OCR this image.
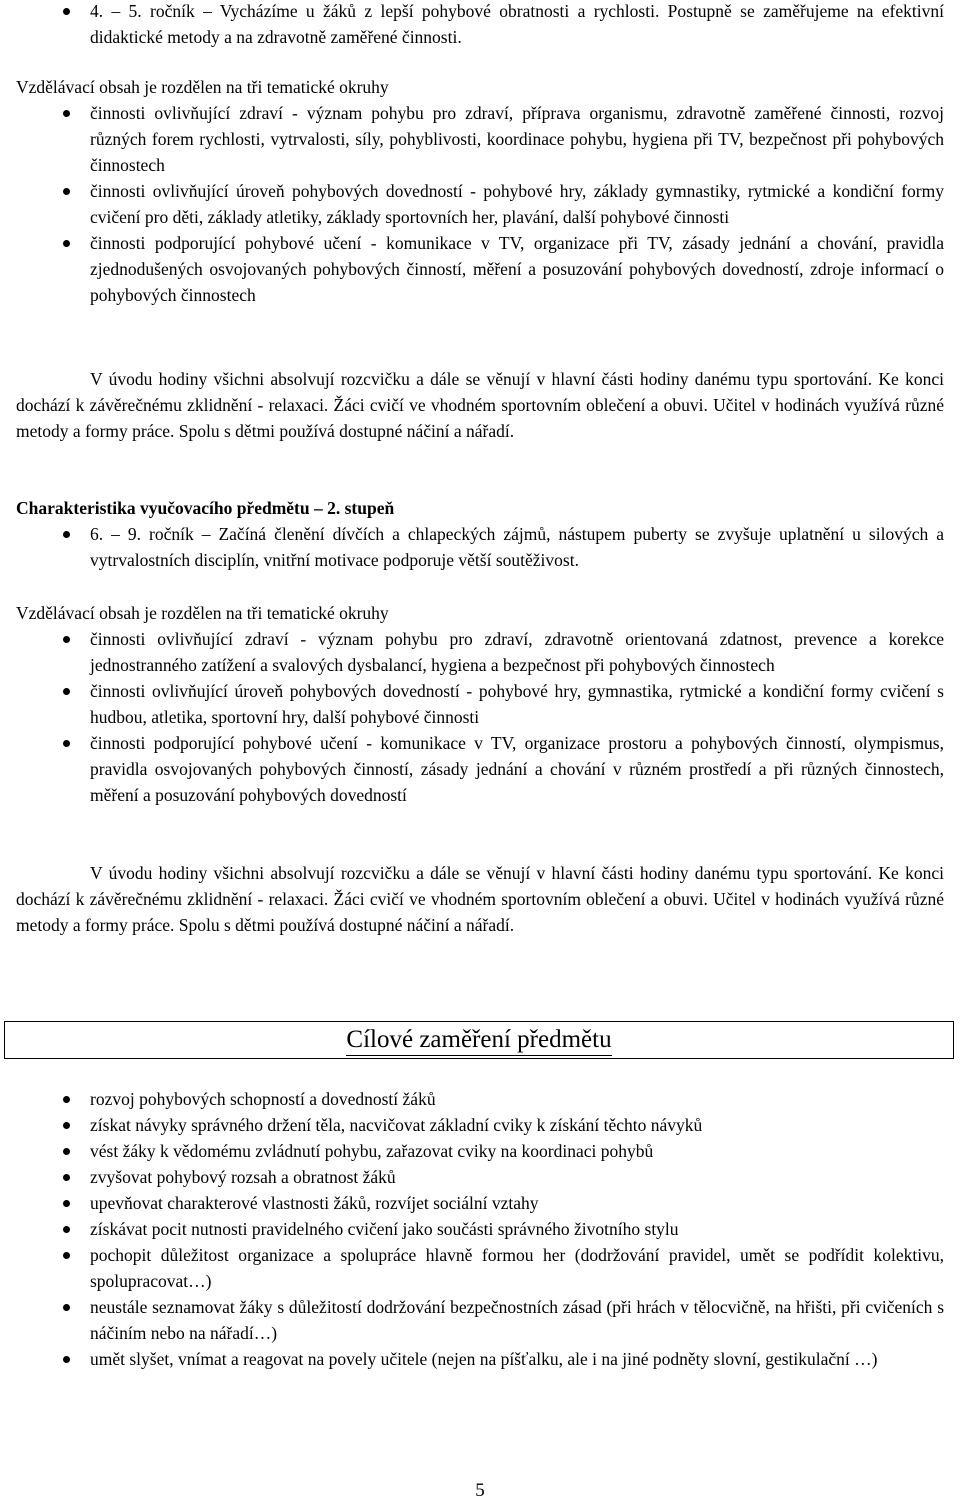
4. – 5. ročník – Vycházíme u žáků z lepší pohybové obratnosti a rychlosti. Postupně se zaměřujeme na efektivní didaktické metody a na zdravotně zaměřené činnosti.

Vzdělávací obsah je rozdělen na tři tematické okruhy

činnosti ovlivňující zdraví - význam pohybu pro zdraví, příprava organismu, zdravotně zaměřené činnosti, rozvoj různých forem rychlosti, vytrvalosti, síly, pohyblivosti, koordinace pohybu, hygiena při TV, bezpečnost při pohybových činnostech
činnosti ovlivňující úroveň pohybových dovedností - pohybové hry, základy gymnastiky, rytmické a kondiční formy cvičení pro děti, základy atletiky, základy sportovních her, plavání, další pohybové činnosti
činnosti podporující pohybové učení - komunikace v TV, organizace při TV, zásady jednání a chování, pravidla zjednodušených osvojovaných pohybových činností, měření a posuzování pohybových dovedností, zdroje informací o pohybových činnostech

V úvodu hodiny všichni absolvují rozcvičku a dále se věnují v hlavní části hodiny danému typu sportování. Ke konci dochází k závěrečnému zklidnění - relaxaci. Žáci cvičí ve vhodném sportovním oblečení a obuvi. Učitel v hodinách využívá různé metody a formy práce. Spolu s dětmi používá dostupné náčiní a nářadí.

Charakteristika vyučovacího předmětu – 2. stupeň

6. – 9. ročník – Začíná členění dívčích a chlapeckých zájmů, nástupem puberty se zvyšuje uplatnění u silových a vytrvalostních disciplín, vnitřní motivace podporuje větší soutěživost.

Vzdělávací obsah je rozdělen na tři tematické okruhy

činnosti ovlivňující zdraví - význam pohybu pro zdraví, zdravotně orientovaná zdatnost, prevence a korekce jednostranného zatížení a svalových dysbalancí, hygiena a bezpečnost při pohybových činnostech
činnosti ovlivňující úroveň pohybových dovedností - pohybové hry, gymnastika, rytmické a kondiční formy cvičení s hudbou, atletika, sportovní hry, další pohybové činnosti
činnosti podporující pohybové učení - komunikace v TV, organizace prostoru a pohybových činností, olympismus, pravidla osvojovaných pohybových činností, zásady jednání a chování v různém prostředí a při různých činnostech, měření a posuzování pohybových dovedností

V úvodu hodiny všichni absolvují rozcvičku a dále se věnují v hlavní části hodiny danému typu sportování. Ke konci dochází k závěrečnému zklidnění - relaxaci. Žáci cvičí ve vhodném sportovním oblečení a obuvi. Učitel v hodinách využívá různé metody a formy práce. Spolu s dětmi používá dostupné náčiní a nářadí.

rozvoj pohybových schopností a dovedností žáků
získat návyky správného držení těla, nacvičovat základní cviky k získání těchto návyků
vést žáky k vědomému zvládnutí pohybu, zařazovat cviky na koordinaci pohybů
zvyšovat pohybový rozsah a obratnost žáků
upevňovat charakterové vlastnosti žáků, rozvíjet sociální vztahy
získávat pocit nutnosti pravidelného cvičení jako součásti správného životního stylu
pochopit důležitost organizace a spolupráce hlavně formou her (dodržování pravidel, umět se podřídit kolektivu, spolupracovat…)
neustále seznamovat žáky s důležitostí dodržování bezpečnostních zásad (při hrách v tělocvičně, na hřišti, při cvičeních s náčiním nebo na nářadí…)
umět slyšet, vnímat a reagovat na povely učitele (nejen na píšťalku, ale i na jiné podněty slovní, gestikulační …)
Cílové zaměření předmětu
5
